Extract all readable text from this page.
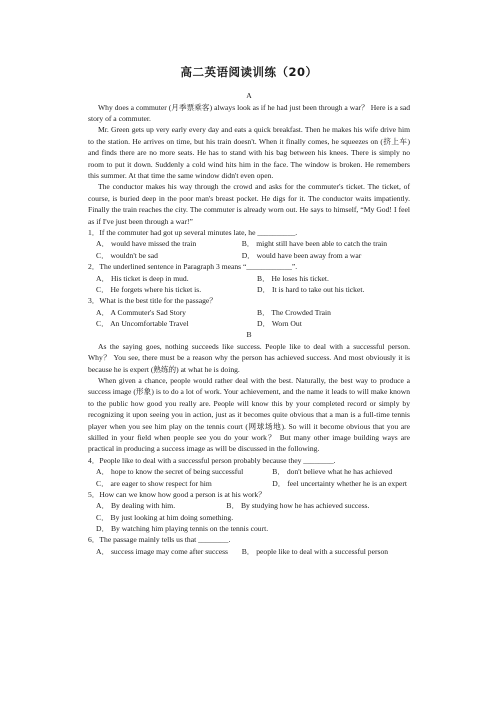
高二英语阅读训练（20）
A

Why does a commuter (月季票乘客) always look as if he had just been through a war？ Here is a sad story of a commuter.

Mr. Green gets up very early every day and eats a quick breakfast. Then he makes his wife drive him to the station. He arrives on time, but his train doesn't. When it finally comes, he squeezes on (挤上车) and finds there are no more seats. He has to stand with his bag between his knees. There is simply no room to put it down. Suddenly a cold wind hits him in the face. The window is broken. He remembers this summer. At that time the same window didn't even open.

The conductor makes his way through the crowd and asks for the commuter's ticket. The ticket, of course, is buried deep in the poor man's breast pocket. He digs for it. The conductor waits impatiently. Finally the train reaches the city. The commuter is already worn out. He says to himself, “My God! I feel as if I've just been through a war!”

1．If the commuter had got up several minutes late, he __________.

A． would have missed the train	B． might still have been able to catch the train
C． wouldn't be sad	D． would have been away from a war

2．The underlined sentence in Paragraph 3 means “____________”.

A． His ticket is deep in mud.	B． He loses his ticket.
C． He forgets where his ticket is.	D． It is hard to take out his ticket.

3．What is the best title for the passage？

A． A Commuter's Sad Story	B． The Crowded Train
C． An Uncomfortable Travel	D． Worn Out
B

As the saying goes, nothing succeeds like success. People like to deal with a successful person. Why？ You see, there must be a reason why the person has achieved success. And most obviously it is because he is expert (熟练的) at what he is doing.

When given a chance, people would rather deal with the best. Naturally, the best way to produce a success image (形象) is to do a lot of work. Your achievement, and the name it leads to will make known to the public how good you really are. People will know this by your completed record or simply by recognizing it upon seeing you in action, just as it becomes quite obvious that a man is a full-time tennis player when you see him play on the tennis court (网球场地). So will it become obvious that you are skilled in your field when people see you do your work？ But many other image building ways are practical in producing a success image as will be discussed in the following.

4．People like to deal with a successful person probably because they ________.

A． hope to know the secret of being successful	B． don't believe what he has achieved
C． are eager to show respect for him	D． feel uncertainty whether he is an expert

5．How can we know how good a person is at his work？

A． By dealing with him.	B． By studying how he has achieved success.
C． By just looking at him doing something.
D． By watching him playing tennis on the tennis court.

6．The passage mainly tells us that ________.

A． success image may come after success	B． people like to deal with a successful person
